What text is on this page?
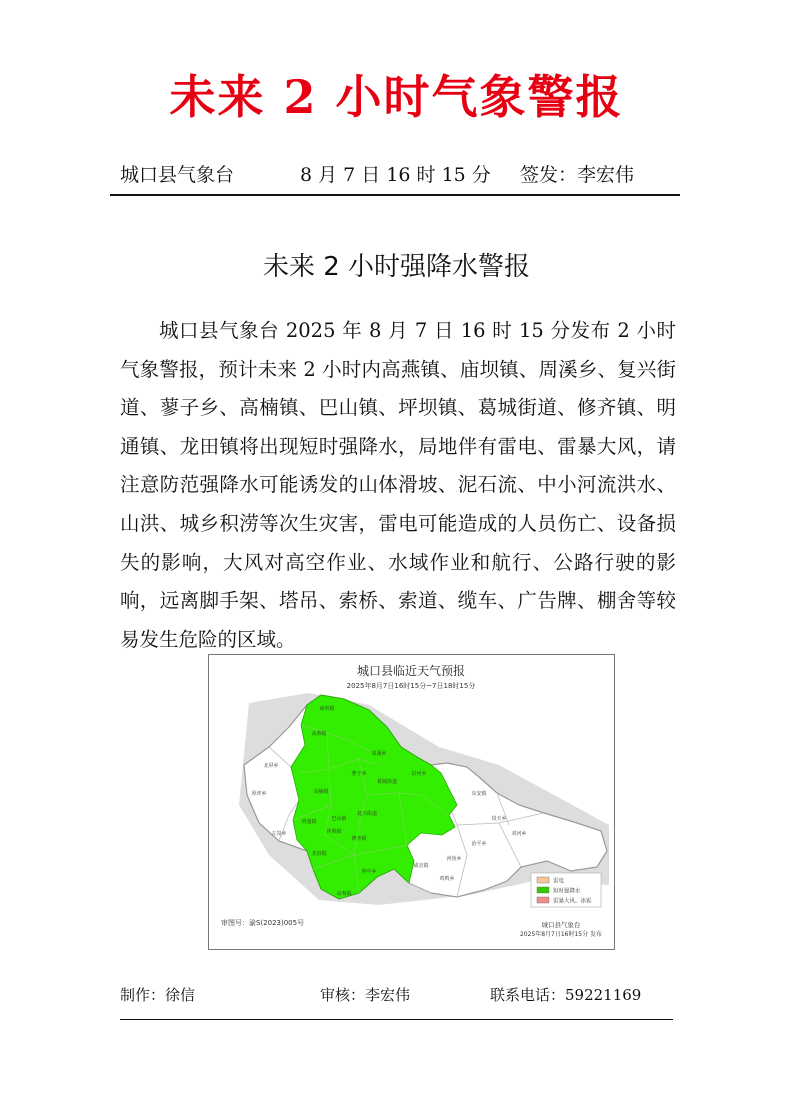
未来 2 小时气象警报
城口县气象台	8 月 7 日 16 时 15 分 签发：李宏伟
未来 2 小时强降水警报

城口县气象台 2025 年 8 月 7 日 16 时 15 分发布 2 小时气象警报，预计未来 2 小时内高燕镇、庙坝镇、周溪乡、复兴街道、蓼子乡、高楠镇、巴山镇、坪坝镇、葛城街道、修齐镇、明通镇、龙田镇将出现短时强降水，局地伴有雷电、雷暴大风，请注意防范强降水可能诱发的山体滑坡、泥石流、中小河流洪水、山洪、城乡积涝等次生灾害，雷电可能造成的人员伤亡、设备损失的影响，大风对高空作业、水域作业和航行、公路行驶的影响，远离脚手架、塔吊、索桥、索道、缆车、广告牌、棚舍等较易发生危险的区域。

城口县临近天气预报
2025年8月7日16时15分~7日18时15分
高燕镇
庙坝镇
周溪乡
复兴街道
蓼子乡
高楠镇
巴山镇
坪坝镇
葛城街道
修齐镇
明通镇
龙田镇
北屏乡
厚坪乡
左岚乡
沿河乡
东安镇
岚天乡
治平乡
河鱼乡
鸡鸣乡
咸宜镇
双河乡
明中乡
高观镇
雷电
短时强降水
雷暴大风、冰雹
审图号：渝S(2023)005号	城口县气象台
2025年8月7日16时15分 发布
制作：徐信	审核：李宏伟	联系电话：59221169
